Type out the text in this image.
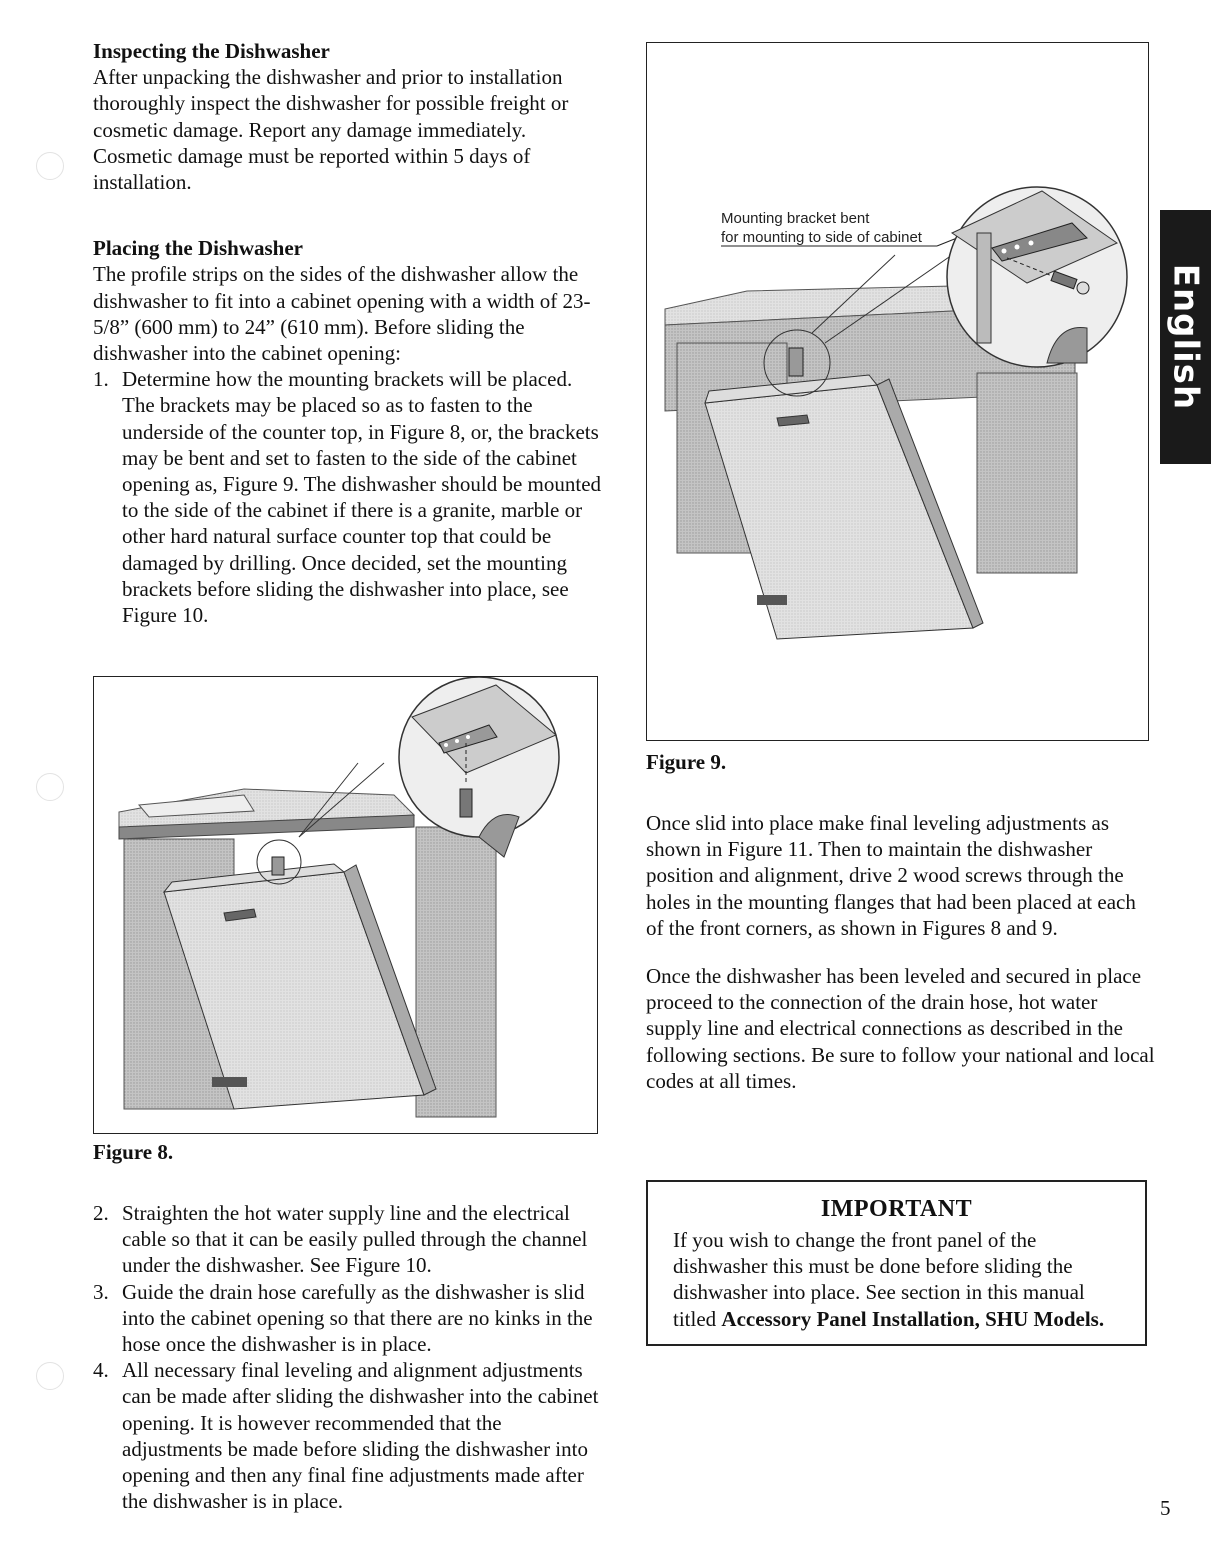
Inspecting the Dishwasher

After unpacking the dishwasher and prior to installation thoroughly inspect the dishwasher for possible freight or cosmetic damage. Report any damage immediately. Cosmetic damage must be reported within 5 days of installation.

Placing the Dishwasher

The profile strips on the sides of the dishwasher allow the dishwasher to fit into a cabinet opening with a width of 23-5/8” (600 mm) to 24” (610 mm). Before sliding the dishwasher into the cabinet opening:

1. Determine how the mounting brackets will be placed. The brackets may be placed so as to fasten to the underside of the counter top, in Figure 8, or, the brackets may be bent and set to fasten to the side of the cabinet opening as, Figure 9. The dishwasher should be mounted to the side of the cabinet if there is a granite, marble or other hard natural surface counter top that could be damaged by drilling. Once decided, set the mounting brackets before sliding the dishwasher into place, see Figure 10.
Figure 8.
2. Straighten the hot water supply line and the electrical cable so that it can be easily pulled through the channel under the dishwasher. See Figure 10.
3. Guide the drain hose carefully as the dishwasher is slid into the cabinet opening so that there are no kinks in the hose once the dishwasher is in place.
4. All necessary final leveling and alignment adjustments can be made after sliding the dishwasher into the cabinet opening. It is however recommended that the adjustments be made before sliding the dishwasher into opening and then any final fine adjustments made after the dishwasher is in place.
Mounting bracket bent
for mounting to side of cabinet
Figure 9.

Once slid into place make final leveling adjustments as shown in Figure 11. Then to maintain the dishwasher position and alignment, drive 2 wood screws through the holes in the mounting flanges that had been placed at each of the front corners, as shown in Figures 8 and 9.

Once the dishwasher has been leveled and secured in place proceed to the connection of the drain hose, hot water supply line and electrical connections as described in the following sections. Be sure to follow your national and local codes at all times.

IMPORTANT
If you wish to change the front panel of the dishwasher this must be done before sliding the dishwasher into place. See section in this manual titled Accessory Panel Installation, SHU Models.
English
5
